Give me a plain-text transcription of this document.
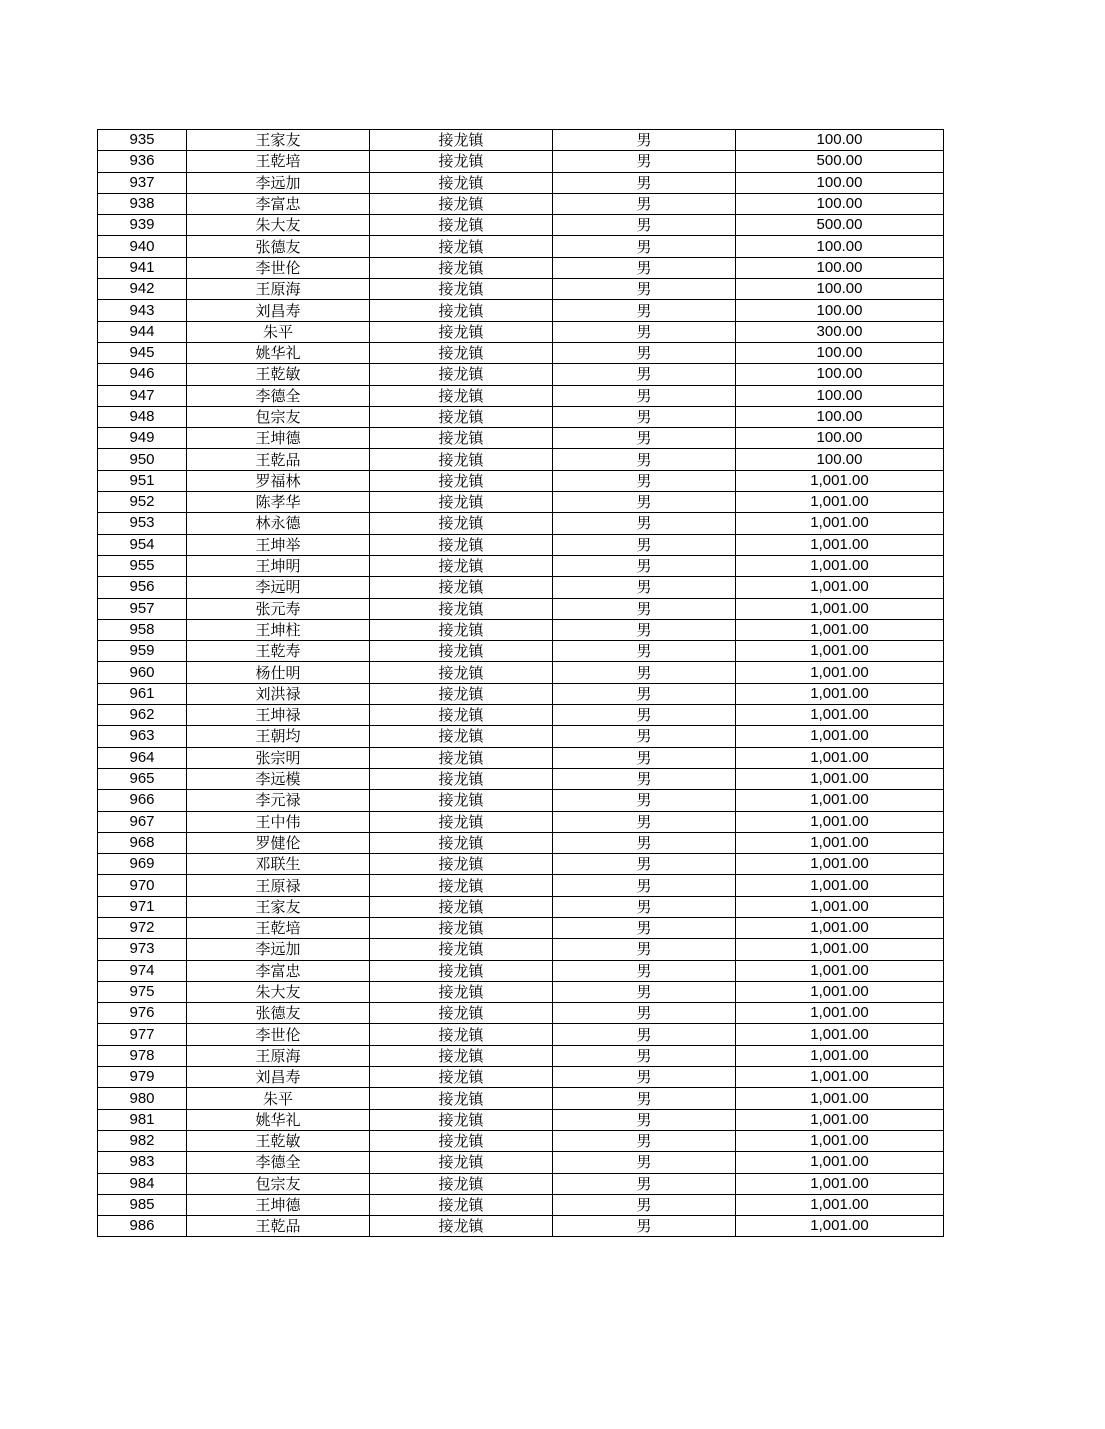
935	王家友	接龙镇	男	100.00
936	王乾培	接龙镇	男	500.00
937	李远加	接龙镇	男	100.00
938	李富忠	接龙镇	男	100.00
939	朱大友	接龙镇	男	500.00
940	张德友	接龙镇	男	100.00
941	李世伦	接龙镇	男	100.00
942	王原海	接龙镇	男	100.00
943	刘昌寿	接龙镇	男	100.00
944	朱平	接龙镇	男	300.00
945	姚华礼	接龙镇	男	100.00
946	王乾敏	接龙镇	男	100.00
947	李德全	接龙镇	男	100.00
948	包宗友	接龙镇	男	100.00
949	王坤德	接龙镇	男	100.00
950	王乾品	接龙镇	男	100.00
951	罗福林	接龙镇	男	1,001.00
952	陈孝华	接龙镇	男	1,001.00
953	林永德	接龙镇	男	1,001.00
954	王坤举	接龙镇	男	1,001.00
955	王坤明	接龙镇	男	1,001.00
956	李远明	接龙镇	男	1,001.00
957	张元寿	接龙镇	男	1,001.00
958	王坤柱	接龙镇	男	1,001.00
959	王乾寿	接龙镇	男	1,001.00
960	杨仕明	接龙镇	男	1,001.00
961	刘洪禄	接龙镇	男	1,001.00
962	王坤禄	接龙镇	男	1,001.00
963	王朝均	接龙镇	男	1,001.00
964	张宗明	接龙镇	男	1,001.00
965	李远模	接龙镇	男	1,001.00
966	李元禄	接龙镇	男	1,001.00
967	王中伟	接龙镇	男	1,001.00
968	罗健伦	接龙镇	男	1,001.00
969	邓联生	接龙镇	男	1,001.00
970	王原禄	接龙镇	男	1,001.00
971	王家友	接龙镇	男	1,001.00
972	王乾培	接龙镇	男	1,001.00
973	李远加	接龙镇	男	1,001.00
974	李富忠	接龙镇	男	1,001.00
975	朱大友	接龙镇	男	1,001.00
976	张德友	接龙镇	男	1,001.00
977	李世伦	接龙镇	男	1,001.00
978	王原海	接龙镇	男	1,001.00
979	刘昌寿	接龙镇	男	1,001.00
980	朱平	接龙镇	男	1,001.00
981	姚华礼	接龙镇	男	1,001.00
982	王乾敏	接龙镇	男	1,001.00
983	李德全	接龙镇	男	1,001.00
984	包宗友	接龙镇	男	1,001.00
985	王坤德	接龙镇	男	1,001.00
986	王乾品	接龙镇	男	1,001.00
